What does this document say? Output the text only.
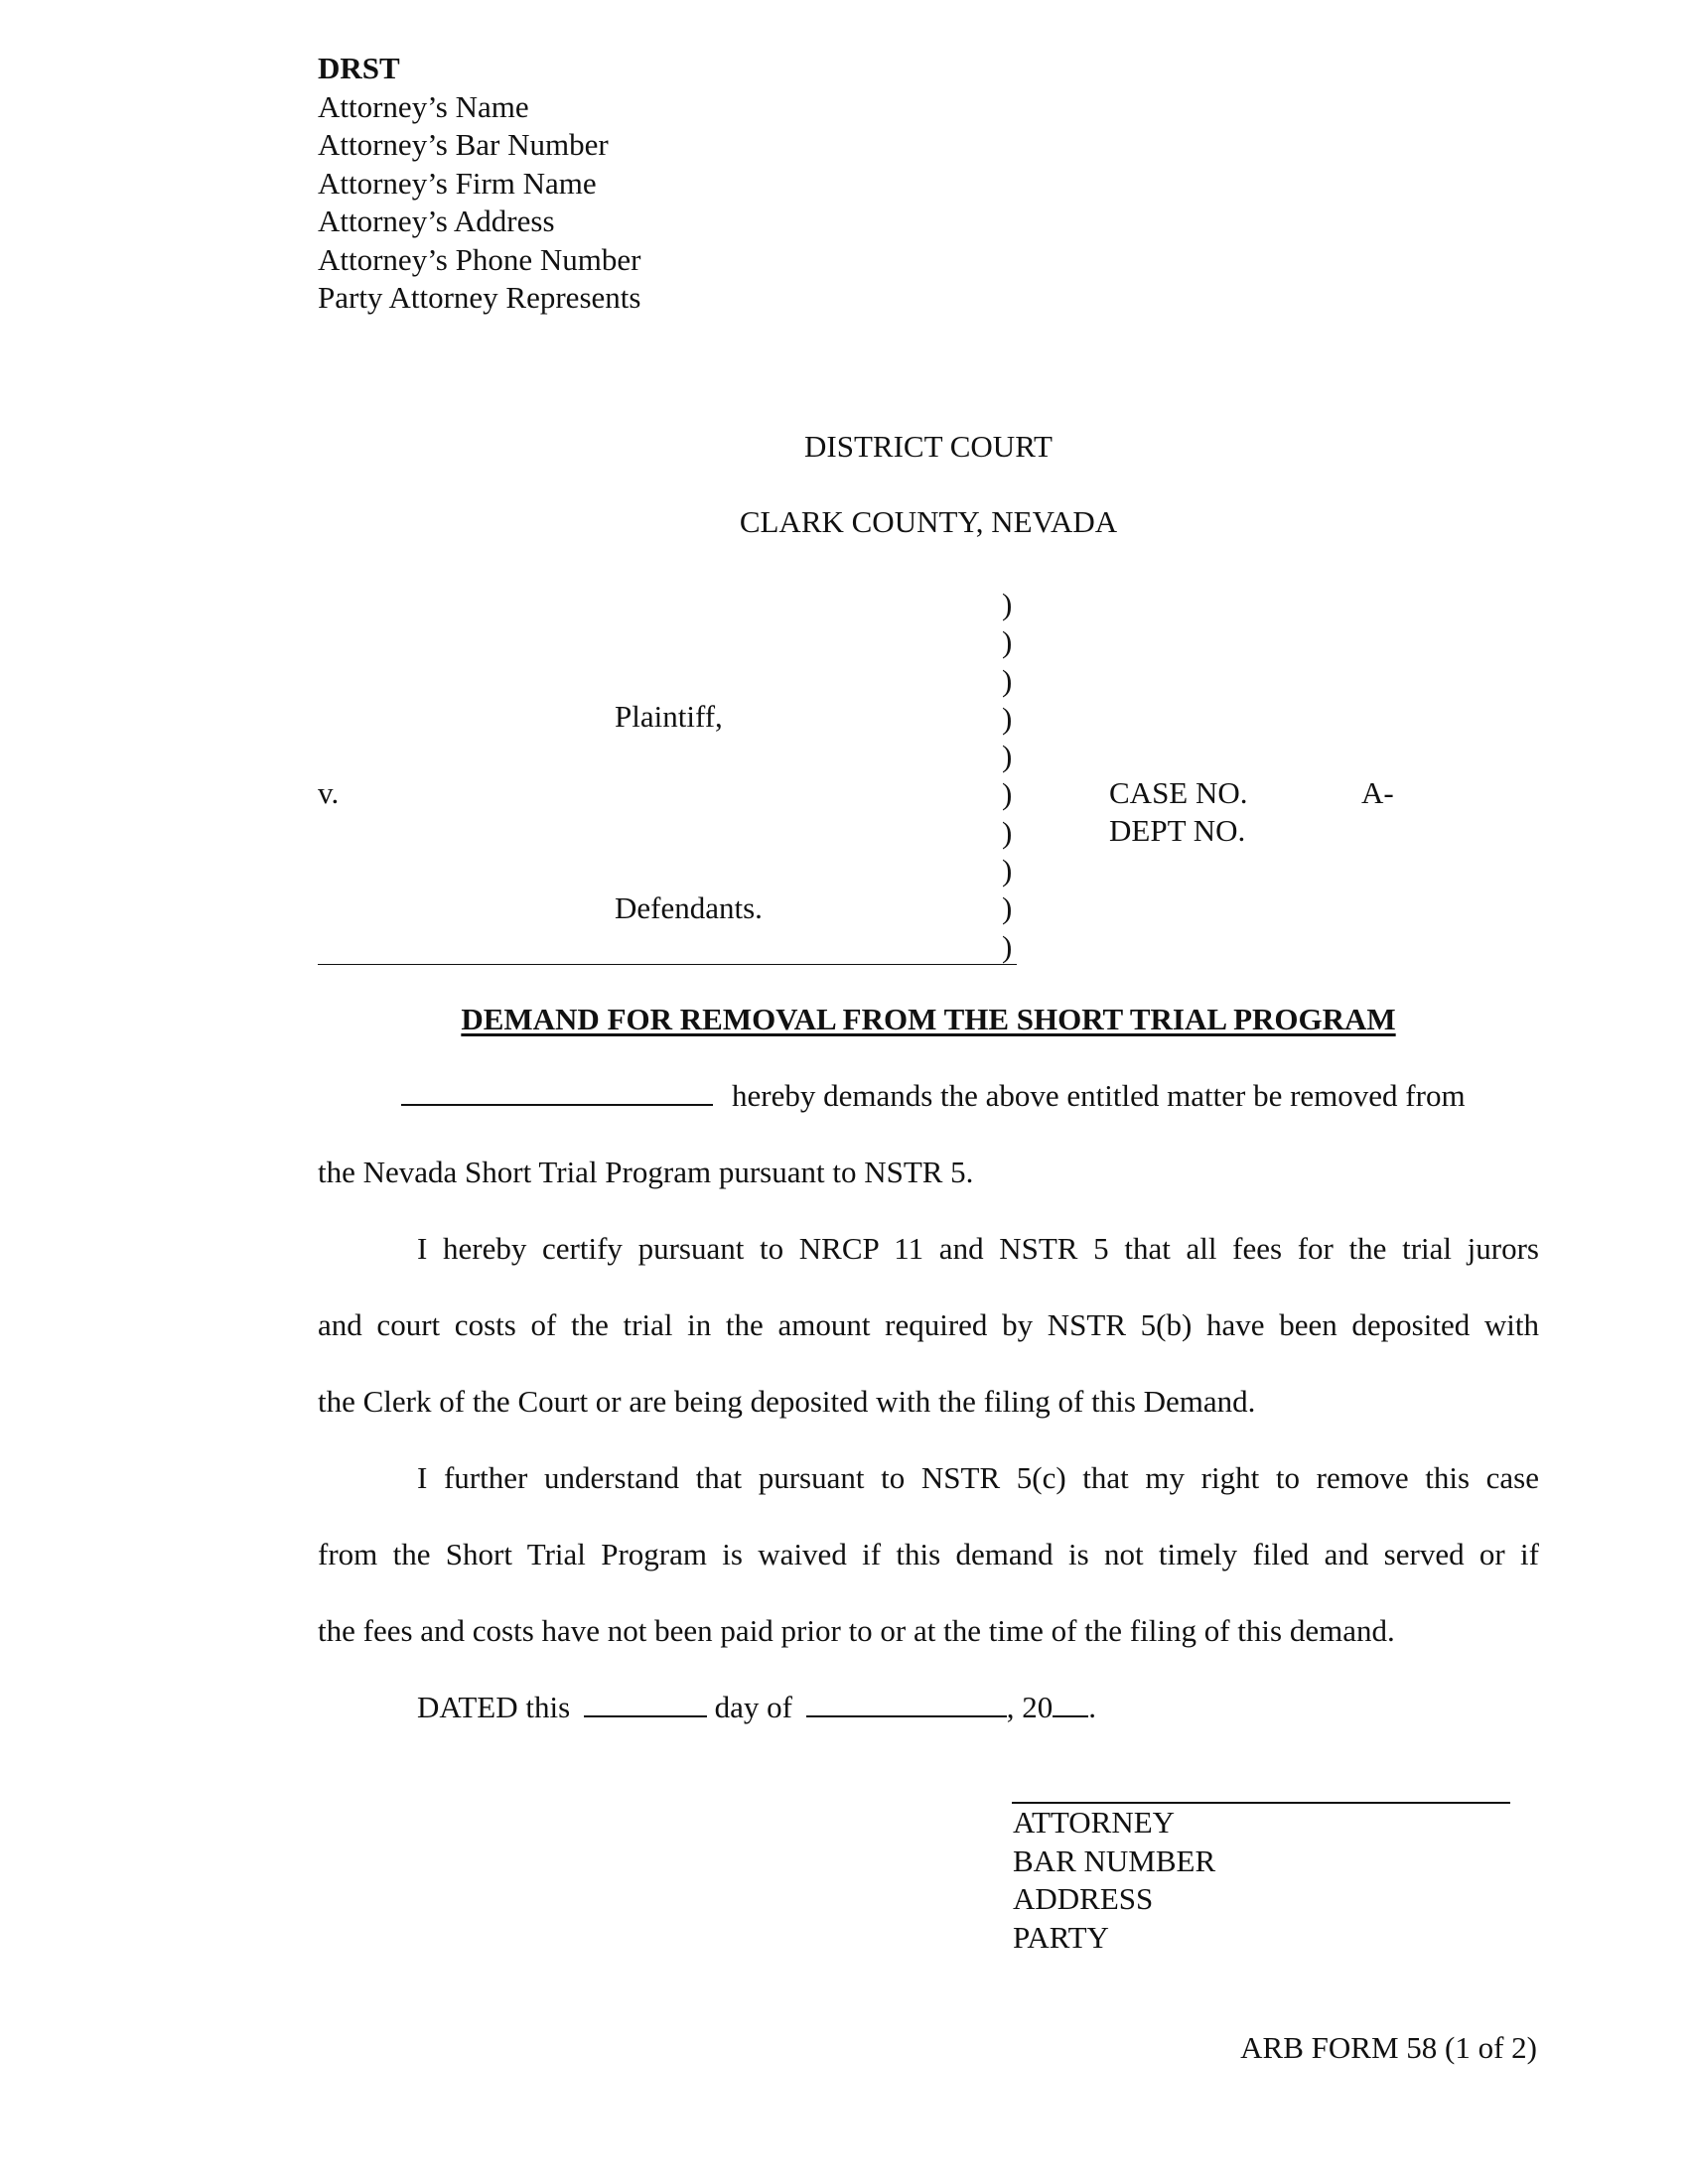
DRST
Attorney’s Name
Attorney’s Bar Number
Attorney’s Firm Name
Attorney’s Address
Attorney’s Phone Number
Party Attorney Represents
DISTRICT COURT
CLARK COUNTY, NEVADA
)
)
)
)
)
)
)
)
)
)
Plaintiff,
v.
Defendants.
CASE NO.	A-
DEPT NO.
DEMAND FOR REMOVAL FROM THE SHORT TRIAL PROGRAM
hereby demands the above entitled matter be removed from
the Nevada Short Trial Program pursuant to NSTR 5.
I hereby certify pursuant to NRCP 11 and NSTR 5 that all fees for the trial jurors
and court costs of the trial in the amount required by NSTR 5(b) have been deposited with
the Clerk of the Court or are being deposited with the filing of this Demand.
I further understand that pursuant to NSTR 5(c) that my right to remove this case
from the Short Trial Program is waived if this demand is not timely filed and served or if
the fees and costs have not been paid prior to or at the time of the filing of this demand.
DATED this	day of	, 20 .
ATTORNEY
BAR NUMBER
ADDRESS
PARTY
ARB FORM 58 (1 of 2)
